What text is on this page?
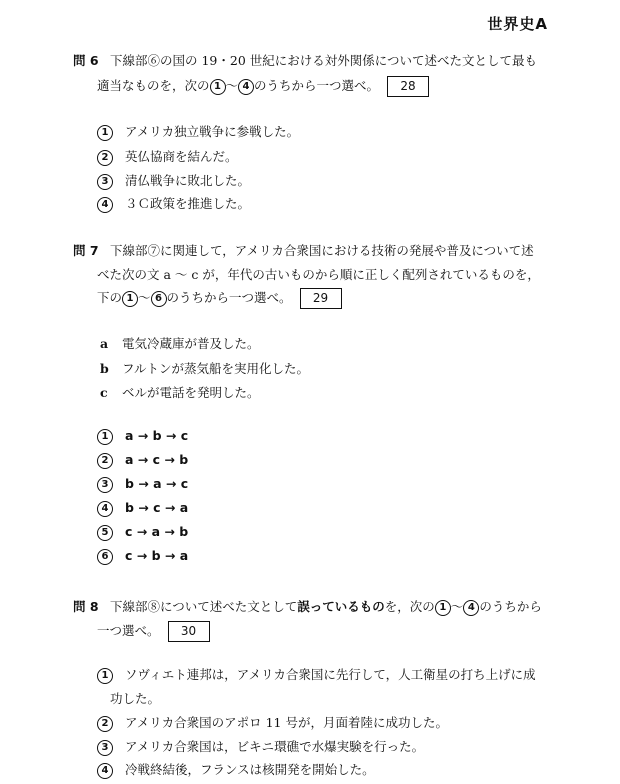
世界史A
問 6 下線部⑥の国の 19・20 世紀における対外関係について述べた文として最も
適当なものを，次の 1 ～ 4 のうちから一つ選べ。 28
1 アメリカ独立戦争に参戦した。
2 英仏協商を結んだ。
3 清仏戦争に敗北した。
4 ３Ｃ政策を推進した。
問 7 下線部⑦に関連して，アメリカ合衆国における技術の発展や普及について述
べた次の文 a ～ c が，年代の古いものから順に正しく配列されているものを，
下の 1 ～ 6 のうちから一つ選べ。 29
a 電気冷蔵庫が普及した。
b フルトンが蒸気船を実用化した。
c ベルが電話を発明した。
1 a → b → c
2 a → c → b
3 b → a → c
4 b → c → a
5 c → a → b
6 c → b → a
問 8 下線部⑧について述べた文として誤っているものを，次の 1 ～ 4 のうちから
一つ選べ。 30
1 ソヴィエト連邦は，アメリカ合衆国に先行して，人工衛星の打ち上げに成
功した。
2 アメリカ合衆国のアポロ 11 号が，月面着陸に成功した。
3 アメリカ合衆国は，ビキニ環礁で水爆実験を行った。
4 冷戦終結後，フランスは核開発を開始した。
